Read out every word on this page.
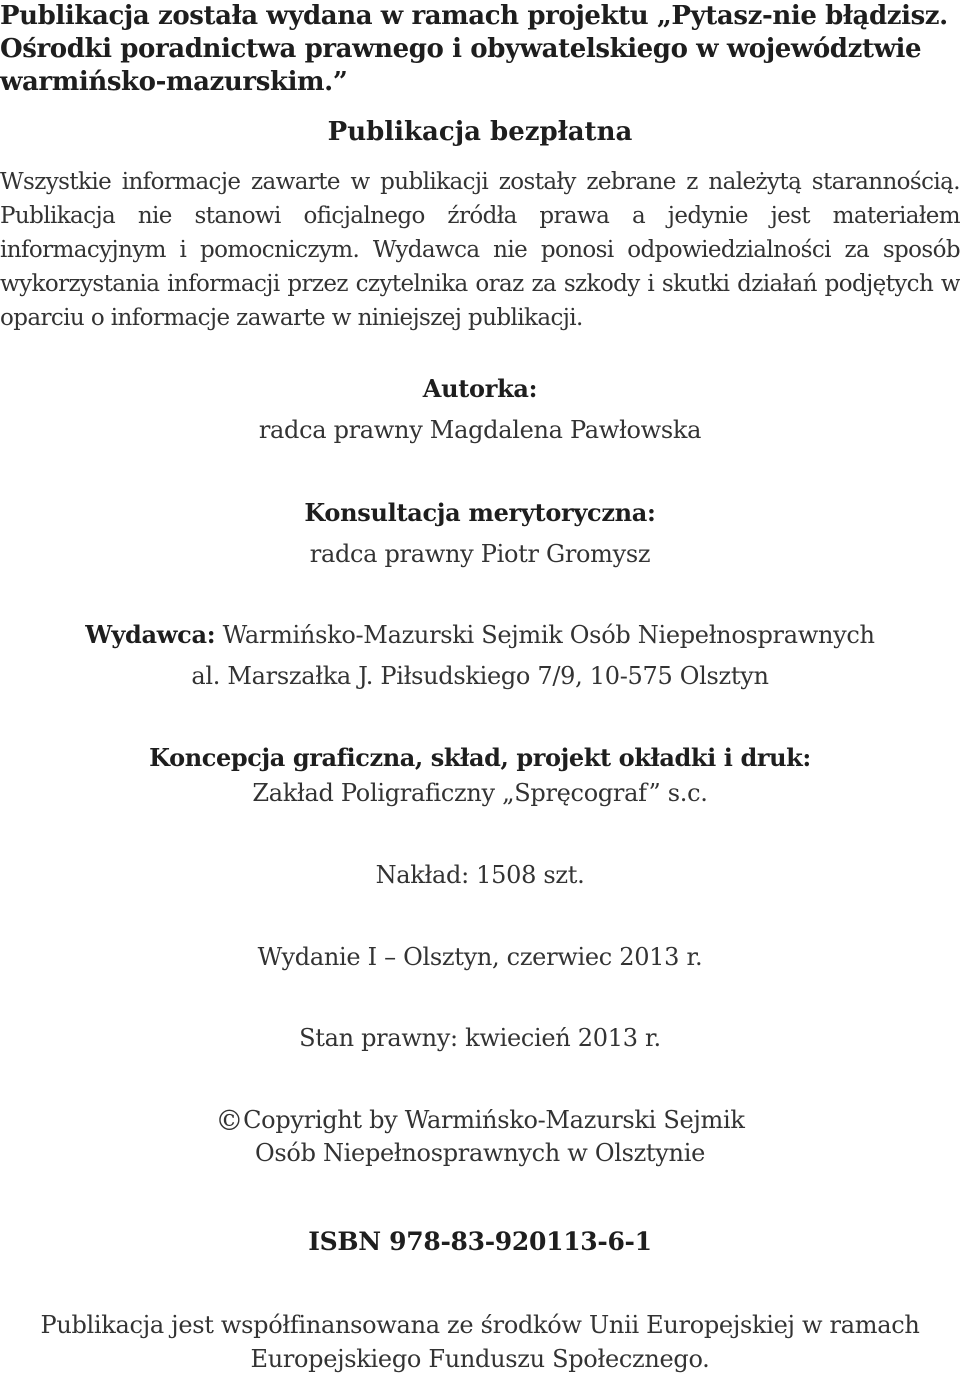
Publikacja została wydana w ramach projektu „Pytasz-nie błądzisz. Ośrodki poradnictwa prawnego i obywatelskiego w województwie warmińsko-mazurskim.”

Publikacja bezpłatna

Wszystkie informacje zawarte w publikacji zostały zebrane z należytą starannością. Publikacja nie stanowi oficjalnego źródła prawa a jedynie jest materiałem informacyjnym i pomocniczym. Wydawca nie ponosi odpowiedzialności za sposób wykorzystania informacji przez czytelnika oraz za szkody i skutki działań podjętych w oparciu o informacje zawarte w niniejszej publikacji.

Autorka:

radca prawny Magdalena Pawłowska

Konsultacja merytoryczna:

radca prawny Piotr Gromysz

Wydawca: Warmińsko-Mazurski Sejmik Osób Niepełnosprawnych

al. Marszałka J. Piłsudskiego 7/9, 10-575 Olsztyn

Koncepcja graficzna, skład, projekt okładki i druk:

Zakład Poligraficzny „Spręcograf” s.c.

Nakład: 1508 szt.

Wydanie I – Olsztyn, czerwiec 2013 r.

Stan prawny: kwiecień 2013 r.

©Copyright by Warmińsko-Mazurski Sejmik

Osób Niepełnosprawnych w Olsztynie

ISBN 978-83-920113-6-1

Publikacja jest współfinansowana ze środków Unii Europejskiej w ramach

Europejskiego Funduszu Społecznego.
